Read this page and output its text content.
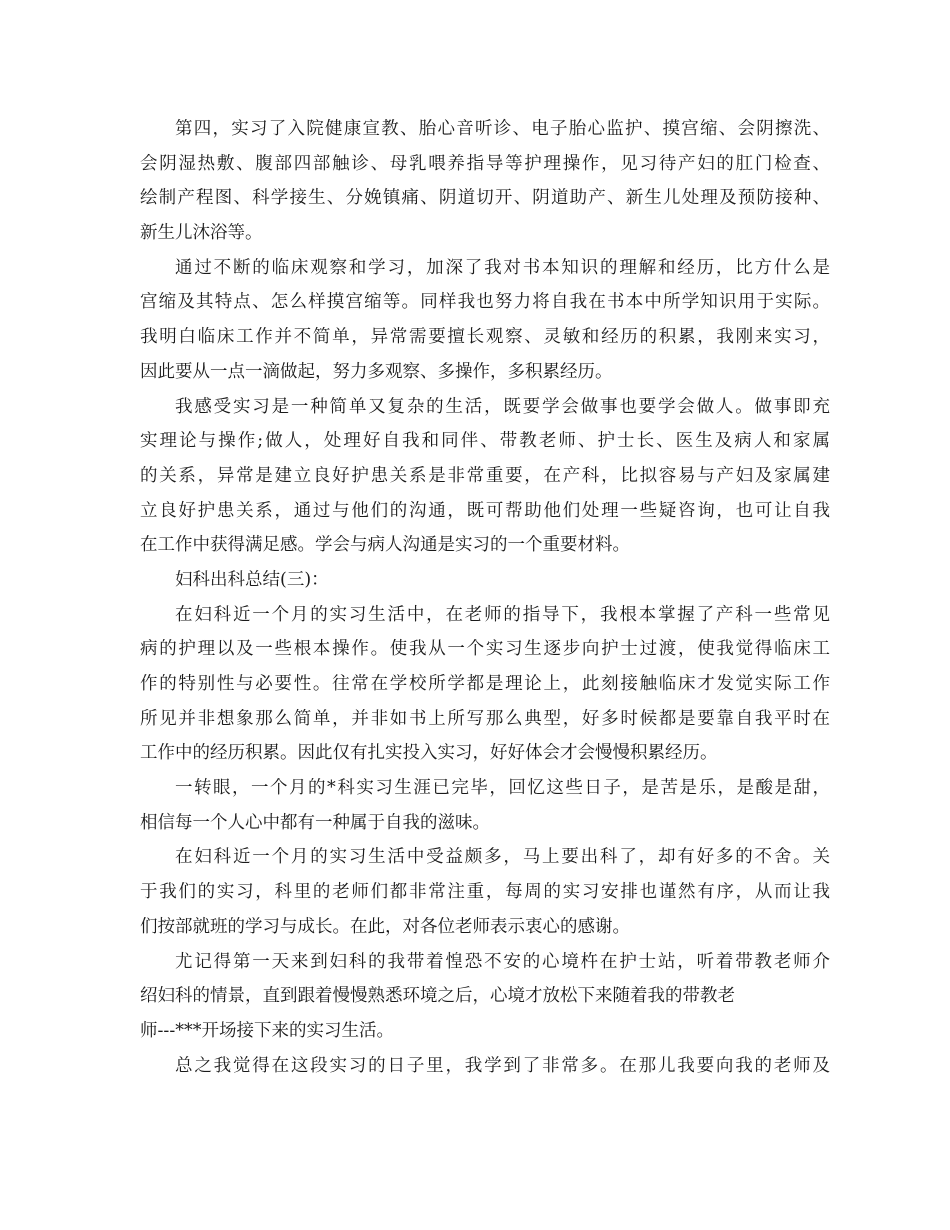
第四，实习了入院健康宣教、胎心音听诊、电子胎心监护、摸宫缩、会阴擦洗、
会阴湿热敷、腹部四部触诊、母乳喂养指导等护理操作，见习待产妇的肛门检查、
绘制产程图、科学接生、分娩镇痛、阴道切开、阴道助产、新生儿处理及预防接种、
新生儿沐浴等。
通过不断的临床观察和学习，加深了我对书本知识的理解和经历，比方什么是
宫缩及其特点、怎么样摸宫缩等。同样我也努力将自我在书本中所学知识用于实际。
我明白临床工作并不简单，异常需要擅长观察、灵敏和经历的积累，我刚来实习，
因此要从一点一滴做起，努力多观察、多操作，多积累经历。
我感受实习是一种简单又复杂的生活，既要学会做事也要学会做人。做事即充
实理论与操作;做人，处理好自我和同伴、带教老师、护士长、医生及病人和家属
的关系，异常是建立良好护患关系是非常重要，在产科，比拟容易与产妇及家属建
立良好护患关系，通过与他们的沟通，既可帮助他们处理一些疑咨询，也可让自我
在工作中获得满足感。学会与病人沟通是实习的一个重要材料。
妇科出科总结(三)：
在妇科近一个月的实习生活中，在老师的指导下，我根本掌握了产科一些常见
病的护理以及一些根本操作。使我从一个实习生逐步向护士过渡，使我觉得临床工
作的特别性与必要性。往常在学校所学都是理论上，此刻接触临床才发觉实际工作
所见并非想象那么简单，并非如书上所写那么典型，好多时候都是要靠自我平时在
工作中的经历积累。因此仅有扎实投入实习，好好体会才会慢慢积累经历。
一转眼，一个月的*科实习生涯已完毕，回忆这些日子，是苦是乐，是酸是甜，
相信每一个人心中都有一种属于自我的滋味。
在妇科近一个月的实习生活中受益颇多，马上要出科了，却有好多的不舍。关
于我们的实习，科里的老师们都非常注重，每周的实习安排也谨然有序，从而让我
们按部就班的学习与成长。在此，对各位老师表示衷心的感谢。
尤记得第一天来到妇科的我带着惶恐不安的心境杵在护士站，听着带教老师介
绍妇科的情景，直到跟着慢慢熟悉环境之后，心境才放松下来随着我的带教老
师---***开场接下来的实习生活。
总之我觉得在这段实习的日子里，我学到了非常多。在那儿我要向我的老师及
